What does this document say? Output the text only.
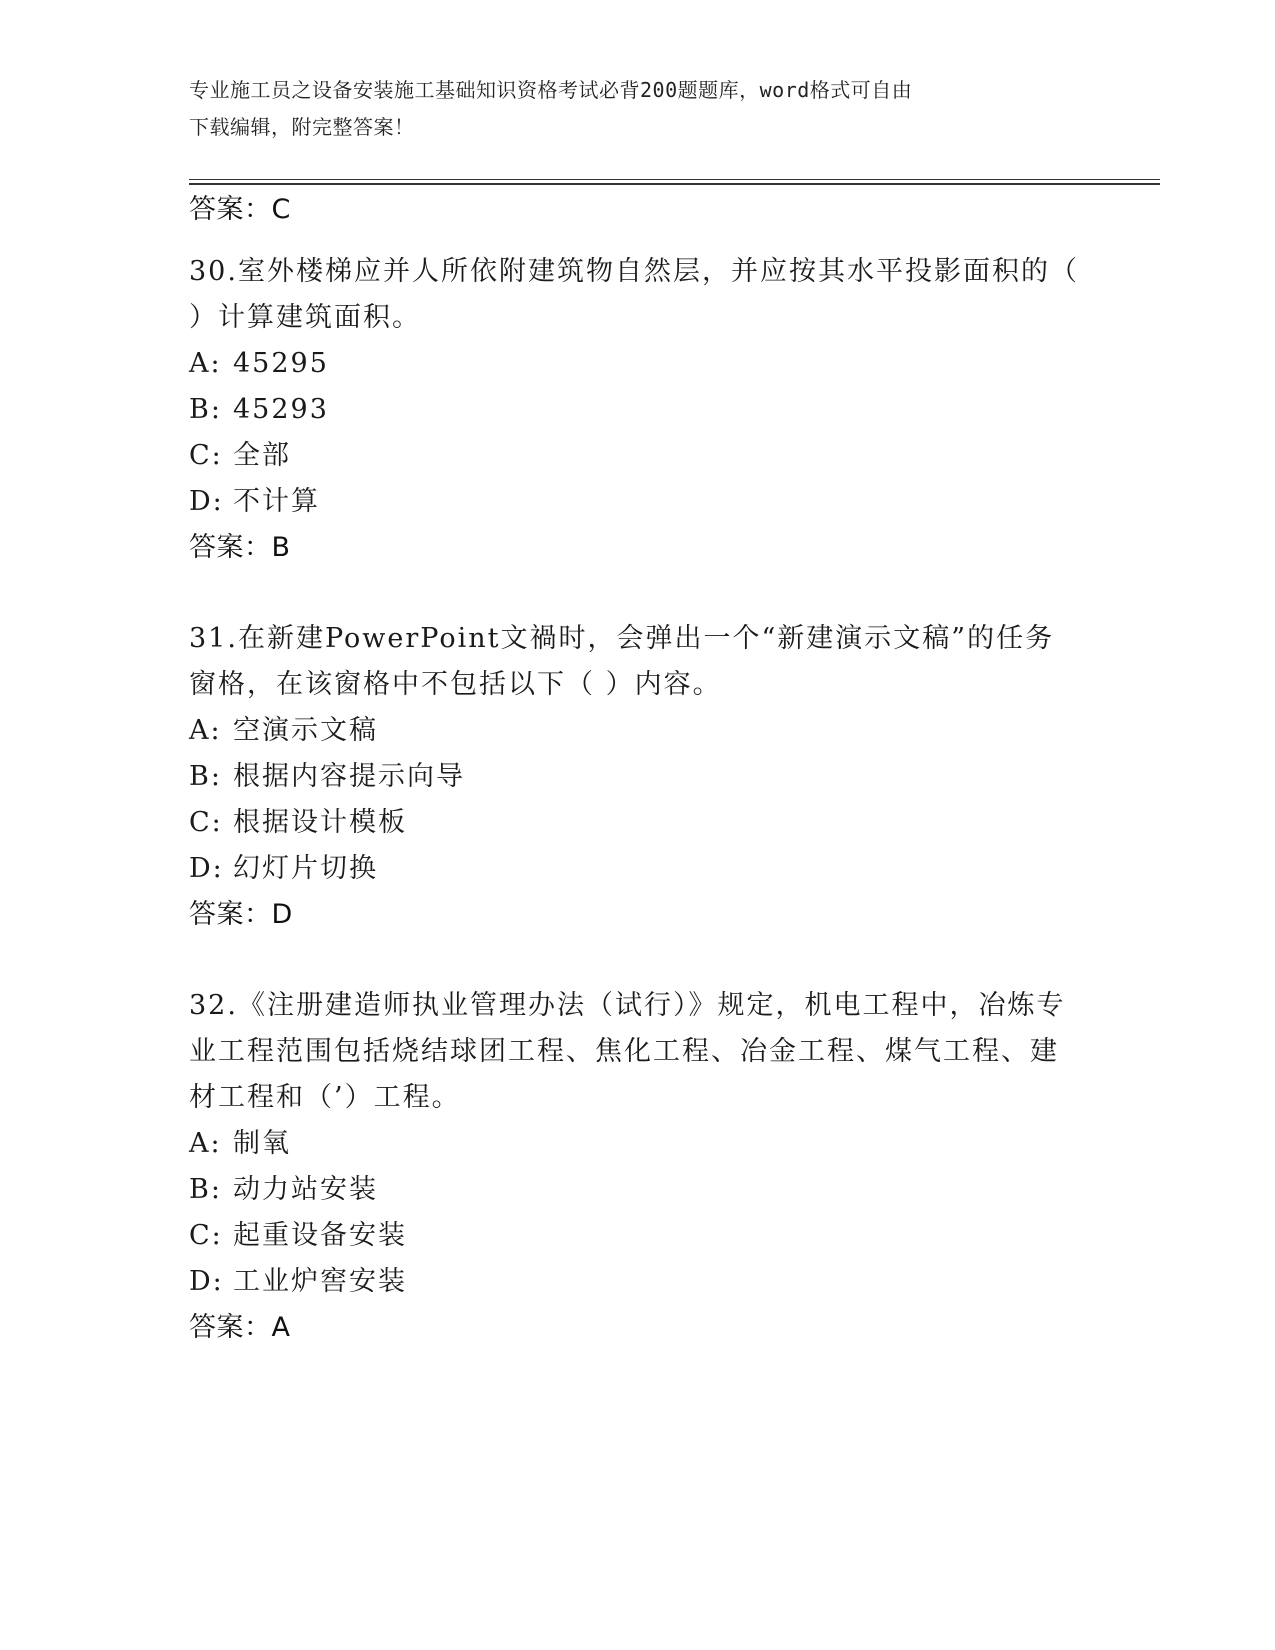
专业施工员之设备安装施工基础知识资格考试必背200题题库，word格式可自由
下载编辑，附完整答案！
答案：C
30.室外楼梯应并人所依附建筑物自然层，并应按其水平投影面积的（
）计算建筑面积。
A: 45295
B: 45293
C: 全部
D: 不计算
答案：B
31.在新建PowerPoint文禍时，会弹出一个“新建演示文稿”的任务
窗格，在该窗格中不包括以下（ ）内容。
A: 空演示文稿
B: 根据内容提示向导
C: 根据设计模板
D: 幻灯片切换
答案：D
32.《注册建造师执业管理办法（试行）》规定，机电工程中，冶炼专
业工程范围包括烧结球团工程、焦化工程、冶金工程、煤气工程、建
材工程和（’）工程。
A: 制氧
B: 动力站安装
C: 起重设备安装
D: 工业炉窖安装
答案：A
